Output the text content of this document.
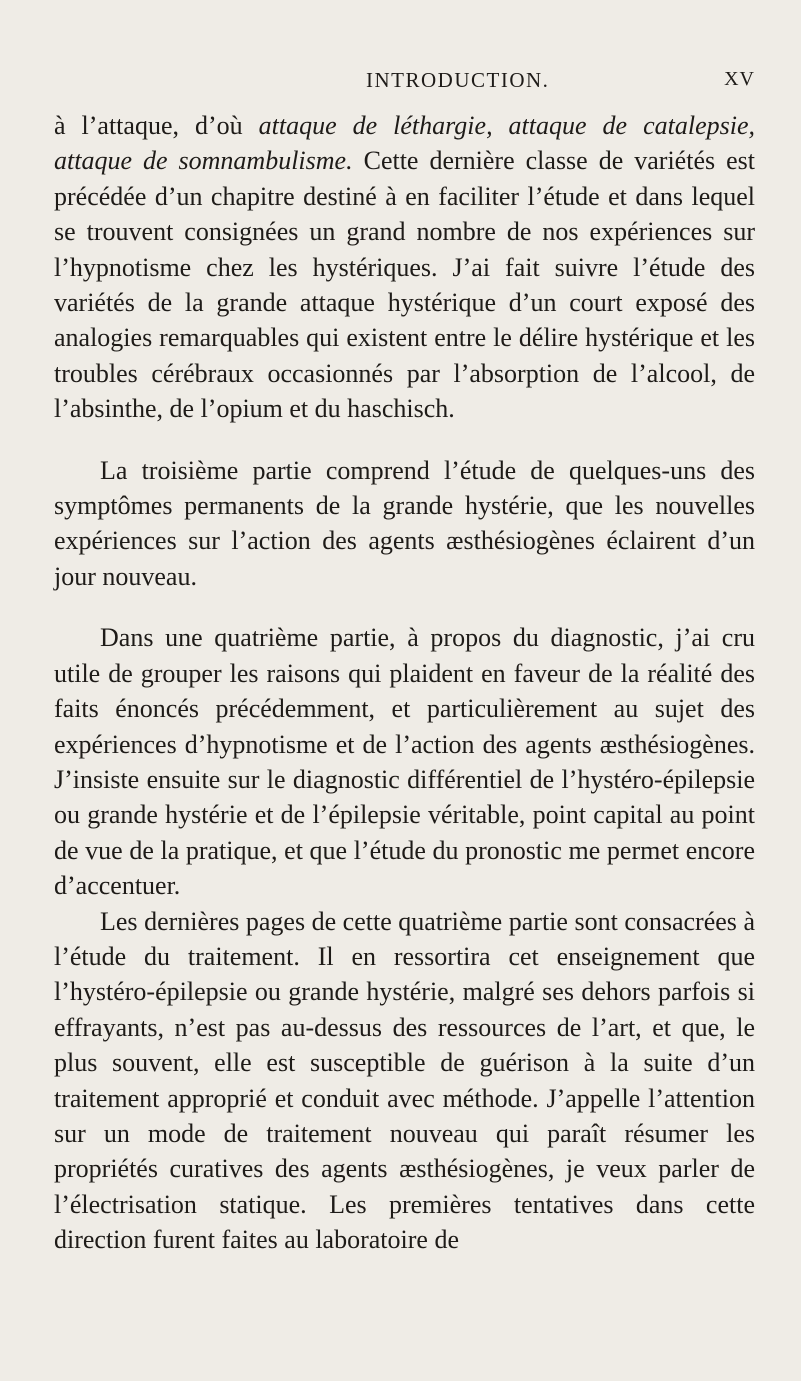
INTRODUCTION.	XV

à l’attaque, d’où attaque de léthargie, attaque de catalepsie, attaque de somnambulisme. Cette dernière classe de variétés est précédée d’un chapitre destiné à en faciliter l’étude et dans lequel se trouvent consignées un grand nombre de nos expériences sur l’hypnotisme chez les hystériques. J’ai fait suivre l’étude des variétés de la grande attaque hystérique d’un court exposé des analogies remarquables qui existent entre le délire hystérique et les troubles cérébraux occasionnés par l’absorption de l’alcool, de l’absinthe, de l’opium et du haschisch.

La troisième partie comprend l’étude de quelques-uns des symptômes permanents de la grande hystérie, que les nouvelles expériences sur l’action des agents æsthésiogènes éclairent d’un jour nouveau.

Dans une quatrième partie, à propos du diagnostic, j’ai cru utile de grouper les raisons qui plaident en faveur de la réalité des faits énoncés précédemment, et particulièrement au sujet des expériences d’hypnotisme et de l’action des agents æsthésiogènes. J’insiste ensuite sur le diagnostic différentiel de l’hystéro-épilepsie ou grande hystérie et de l’épilepsie véritable, point capital au point de vue de la pratique, et que l’étude du pronostic me permet encore d’accentuer.

Les dernières pages de cette quatrième partie sont consacrées à l’étude du traitement. Il en ressortira cet enseignement que l’hystéro-épilepsie ou grande hystérie, malgré ses dehors parfois si effrayants, n’est pas au-dessus des ressources de l’art, et que, le plus souvent, elle est susceptible de guérison à la suite d’un traitement approprié et conduit avec méthode. J’appelle l’attention sur un mode de traitement nouveau qui paraît résumer les propriétés curatives des agents æsthésiogènes, je veux parler de l’électrisation statique. Les premières tentatives dans cette direction furent faites au laboratoire de
